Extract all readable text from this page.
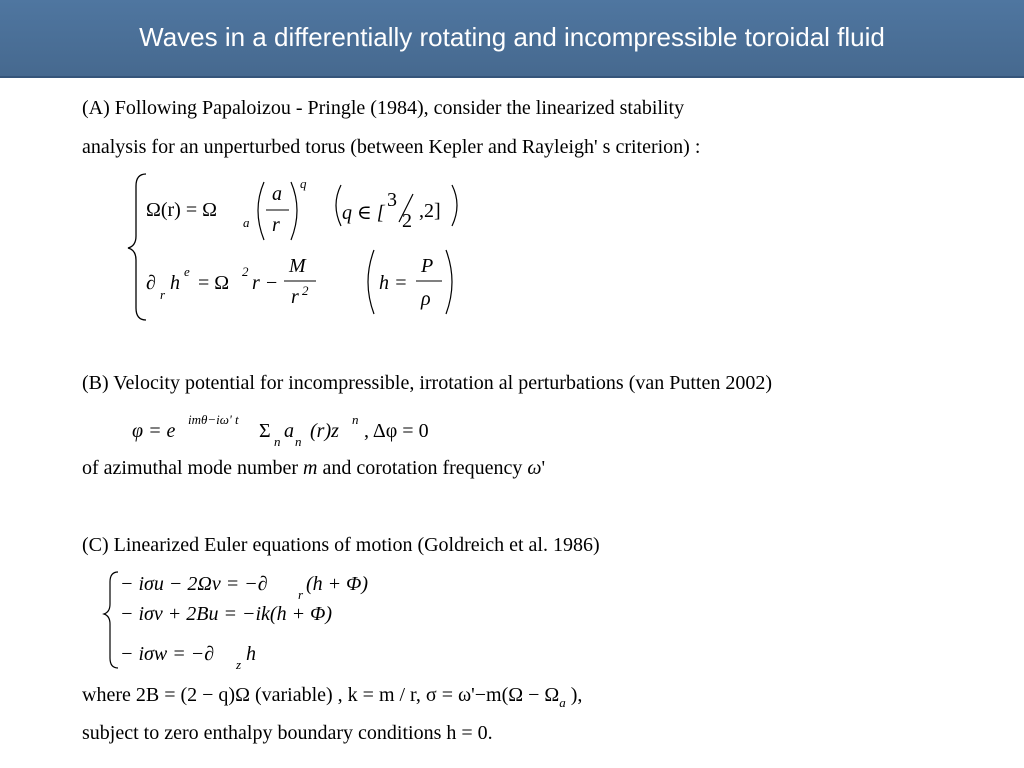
Waves in a differentially rotating and incompressible toroidal fluid
(A) Following Papaloizou - Pringle (1984), consider the linearized stability
analysis for an unperturbed torus (between Kepler and Rayleigh' s criterion) :
Ω(r) = Ω
a
a
r
q
q ∈ [
3
2 ,2]
∂
r
h
e
= Ω
2
r −
M
r 2	h =
P
ρ
(B) Velocity potential for incompressible, irrotation al perturbations (van Putten 2002)
φ = e
imθ−iω' t
Σ n a n (r)z
n
, Δφ = 0
of azimuthal mode number m and corotation frequency ω'
(C) Linearized Euler equations of motion (Goldreich et al. 1986)
− iσu − 2Ωv = −∂ r (h + Φ)
− iσv + 2Bu = −ik(h + Φ)
− iσw = −∂ z h
where 2B = (2 − q)Ω (variable) , k = m / r, $\sigma = \omega'-m(\Omega - \Omega_a$ ),
subject to zero enthalpy boundary conditions h = 0.
